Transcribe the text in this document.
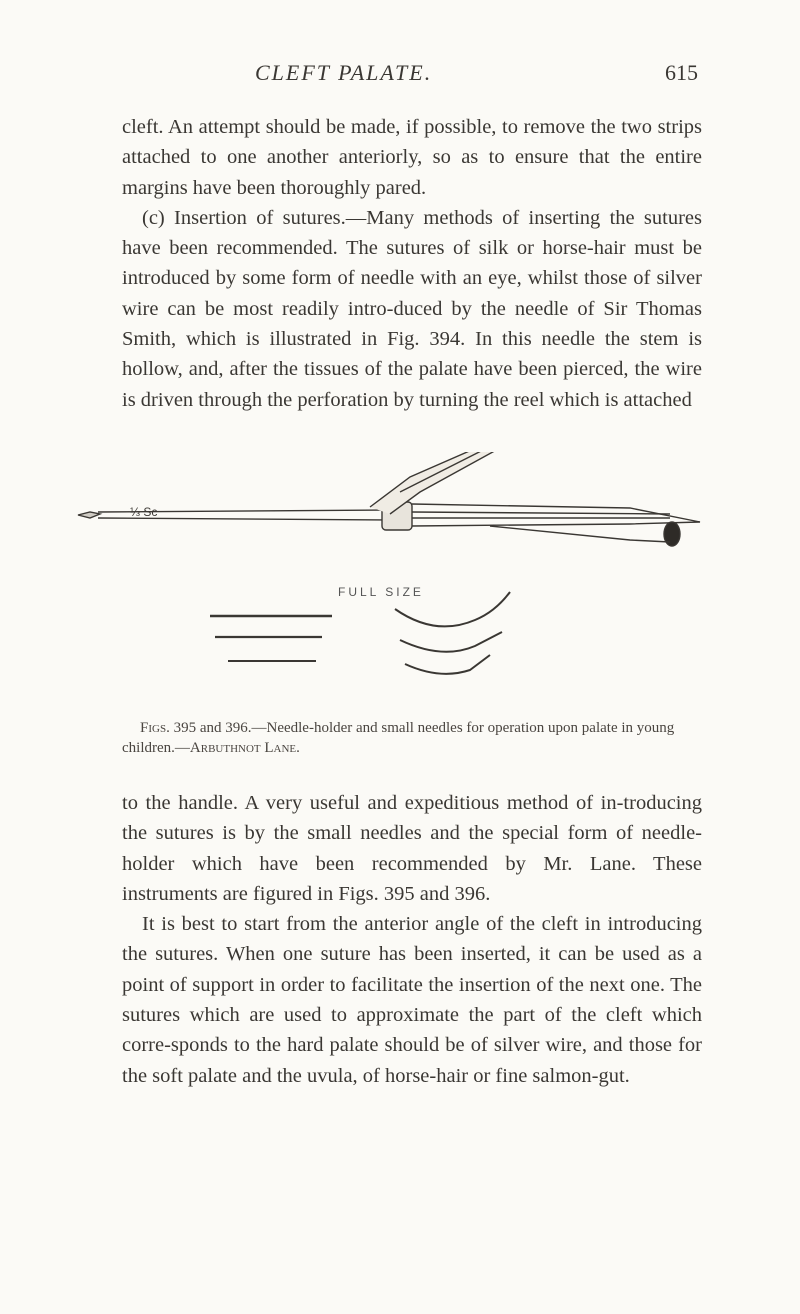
CLEFT PALATE.	615

cleft. An attempt should be made, if possible, to remove the two strips attached to one another anteriorly, so as to ensure that the entire margins have been thoroughly pared.

(c) Insertion of sutures.—Many methods of inserting the sutures have been recommended. The sutures of silk or horse-hair must be introduced by some form of needle with an eye, whilst those of silver wire can be most readily intro-duced by the needle of Sir Thomas Smith, which is illustrated in Fig. 394. In this needle the stem is hollow, and, after the tissues of the palate have been pierced, the wire is driven through the perforation by turning the reel which is attached

⅓ Sc
FULL SIZE
Figs. 395 and 396.—Needle-holder and small needles for operation upon palate in young children.—Arbuthnot Lane.

to the handle. A very useful and expeditious method of in-troducing the sutures is by the small needles and the special form of needle-holder which have been recommended by Mr. Lane. These instruments are figured in Figs. 395 and 396.

It is best to start from the anterior angle of the cleft in introducing the sutures. When one suture has been inserted, it can be used as a point of support in order to facilitate the insertion of the next one. The sutures which are used to approximate the part of the cleft which corre-sponds to the hard palate should be of silver wire, and those for the soft palate and the uvula, of horse-hair or fine salmon-gut.
